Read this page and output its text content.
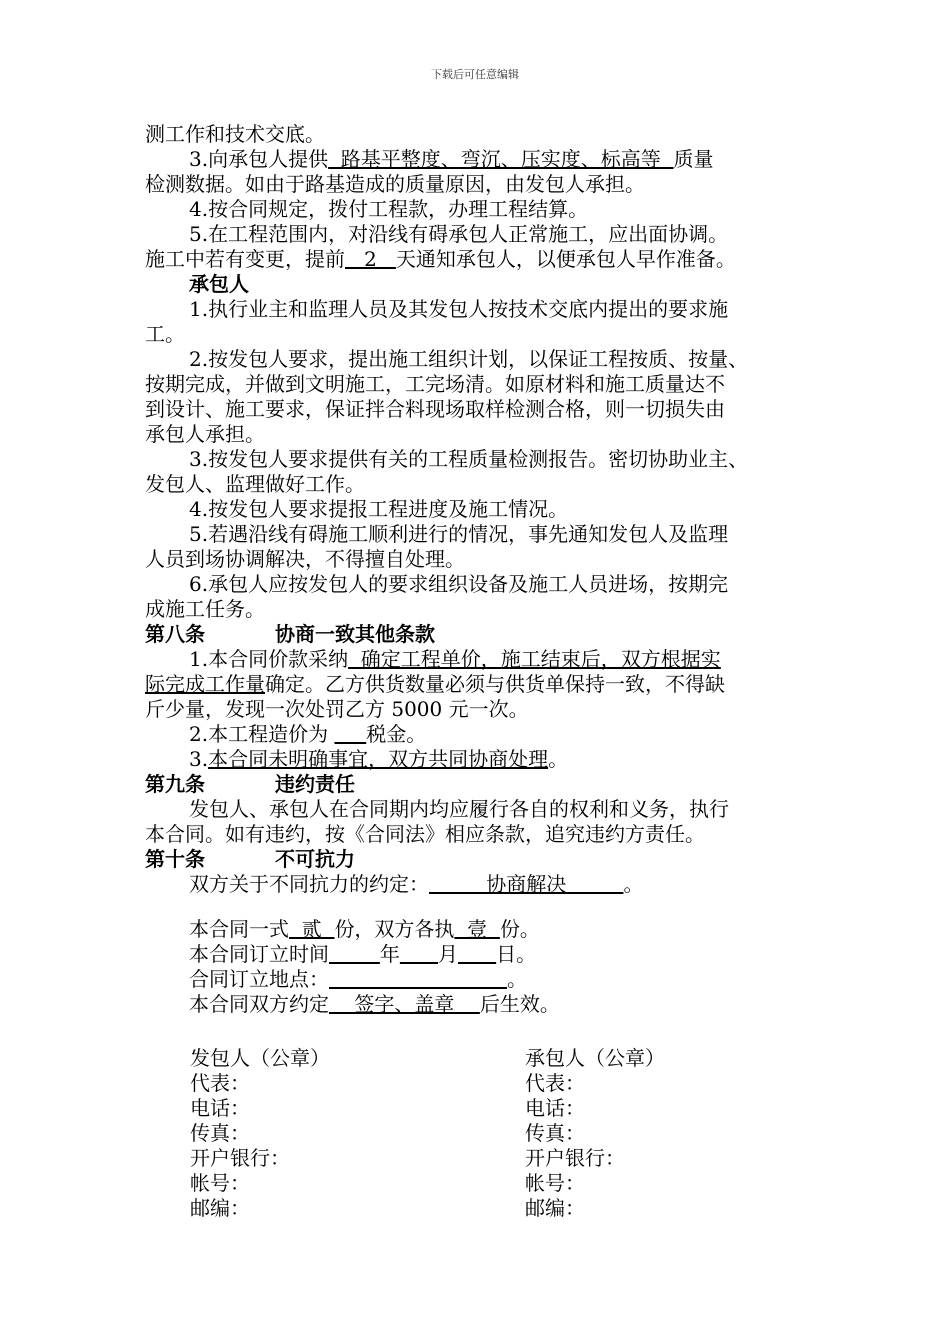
下载后可任意编辑
测工作和技术交底。
3.向承包人提供  路基平整度、弯沉、压实度、标高等  质量
检测数据。如由于路基造成的质量原因，由发包人承担。
4.按合同规定，拨付工程款，办理工程结算。
5.在工程范围内，对沿线有碍承包人正常施工，应出面协调。
施工中若有变更，提前   2   天通知承包人，以便承包人早作准备。
承包人
1.执行业主和监理人员及其发包人按技术交底内提出的要求施
工。
2.按发包人要求，提出施工组织计划，以保证工程按质、按量、
按期完成，并做到文明施工，工完场清。如原材料和施工质量达不
到设计、施工要求，保证拌合料现场取样检测合格，则一切损失由
承包人承担。
3.按发包人要求提供有关的工程质量检测报告。密切协助业主、
发包人、监理做好工作。
4.按发包人要求提报工程进度及施工情况。
5.若遇沿线有碍施工顺利进行的情况，事先通知发包人及监理
人员到场协调解决，不得擅自处理。
6.承包人应按发包人的要求组织设备及施工人员进场，按期完
成施工任务。
第八条	协商一致其他条款
1.本合同价款采纳  确定工程单价，施工结束后，双方根据实
际完成工作量确定。乙方供货数量必须与供货单保持一致，不得缺
斤少量，发现一次处罚乙方 5000 元一次。
2.本工程造价为      税金。
3.本合同未明确事宜，双方共同协商处理。
第九条	违约责任
发包人、承包人在合同期内均应履行各自的权利和义务，执行
本合同。如有违约，按《合同法》相应条款，追究违约方责任。
第十条	不可抗力
双方关于不同抗力的约定：         协商解决         。
本合同一式  贰  份，双方各执  壹  份。
本合同订立时间	年 月 日。
合同订立地点：	。
本合同双方约定    签字、盖章    后生效。
发包人（公章）	承包人（公章）
代表：	代表：
电话：	电话：
传真：	传真：
开户银行：	开户银行：
帐号：	帐号：
邮编：	邮编：
